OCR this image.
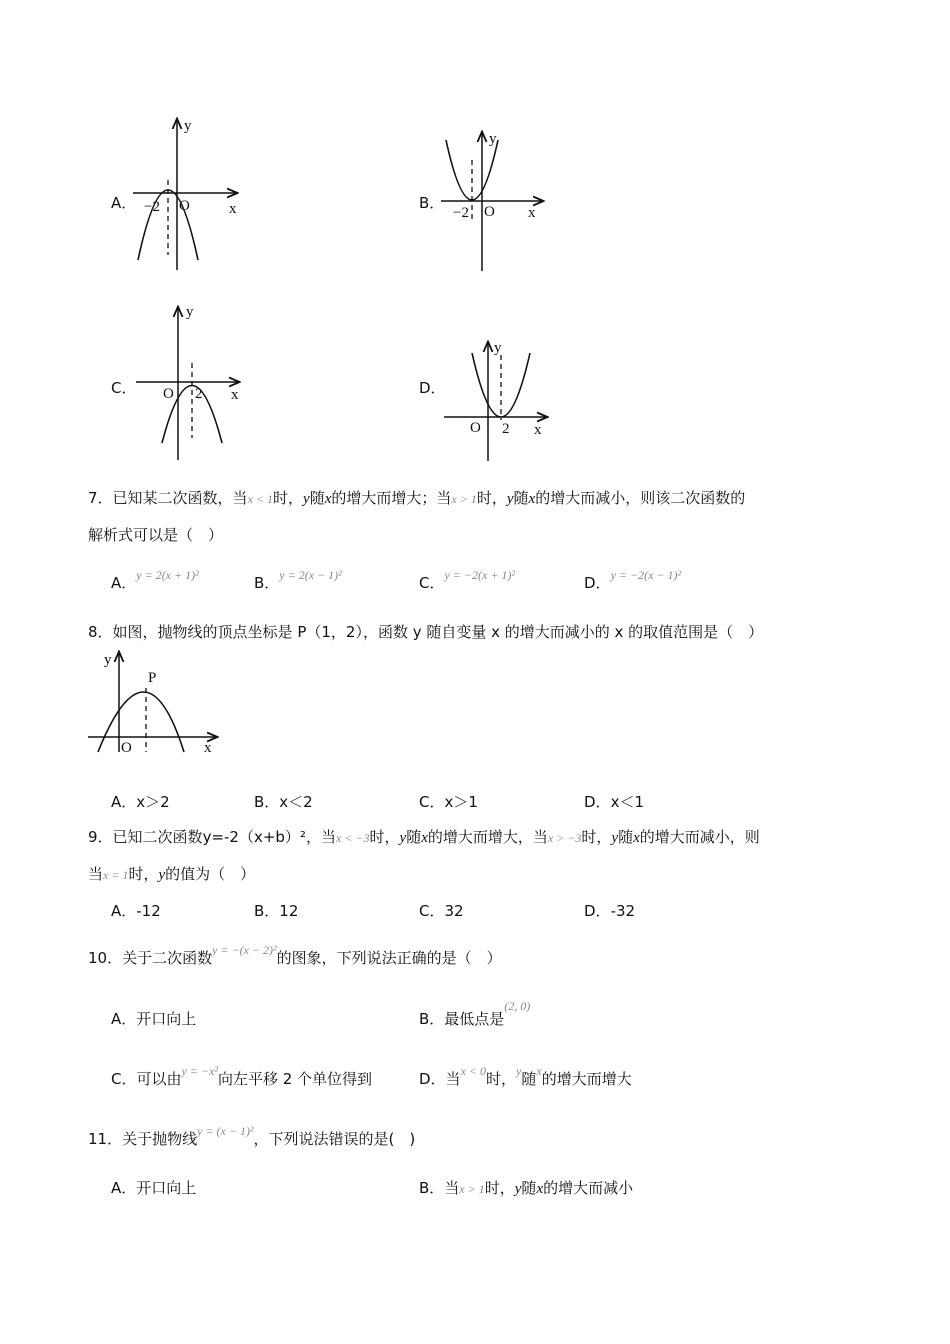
A．
y
x
O
−2	B．
y
x
O
−2
C．
y
x
O 2	D．
y
x
O 2
7．已知某二次函数，当x < 1时，y随x的增大而增大；当x > 1时，y随x的增大而减小，则该二次函数的
解析式可以是（　）
A．$^{y = 2(x + 1)^2}$	B．$^{y = 2(x - 1)^2}$	C．$^{y = -2(x + 1)^2}$	D．$^{y = -2(x - 1)^2}$
8．如图，抛物线的顶点坐标是 P（1，2），函数 y 随自变量 x 的增大而减小的 x 的取值范围是（　）
y
P
O	x
A．x＞2	B．x＜2	C．x＞1	D．x＜1
9．已知二次函数y=-2（x+b）²，当x < −3时，y随x的增大而增大，当x > −3时，y随x的增大而减小，则
当x = 1时，y的值为（　）
A．-12	B．12	C．32	D．-32
10．关于二次函数$^{y = -(x - 2)^2}$的图象，下列说法正确的是（　）
A．开口向上	B．最低点是$^{(2, 0)}$
C．可以由$^{y = -x^2}$向左平移 2 个单位得到	D．当$^{x < 0}$时，$^y$随$^x$的增大而增大
11．关于抛物线$^{y = (x - 1)^2}$，下列说法错误的是(　)
A．开口向上	B．当x > 1时，y随x的增大而减小
